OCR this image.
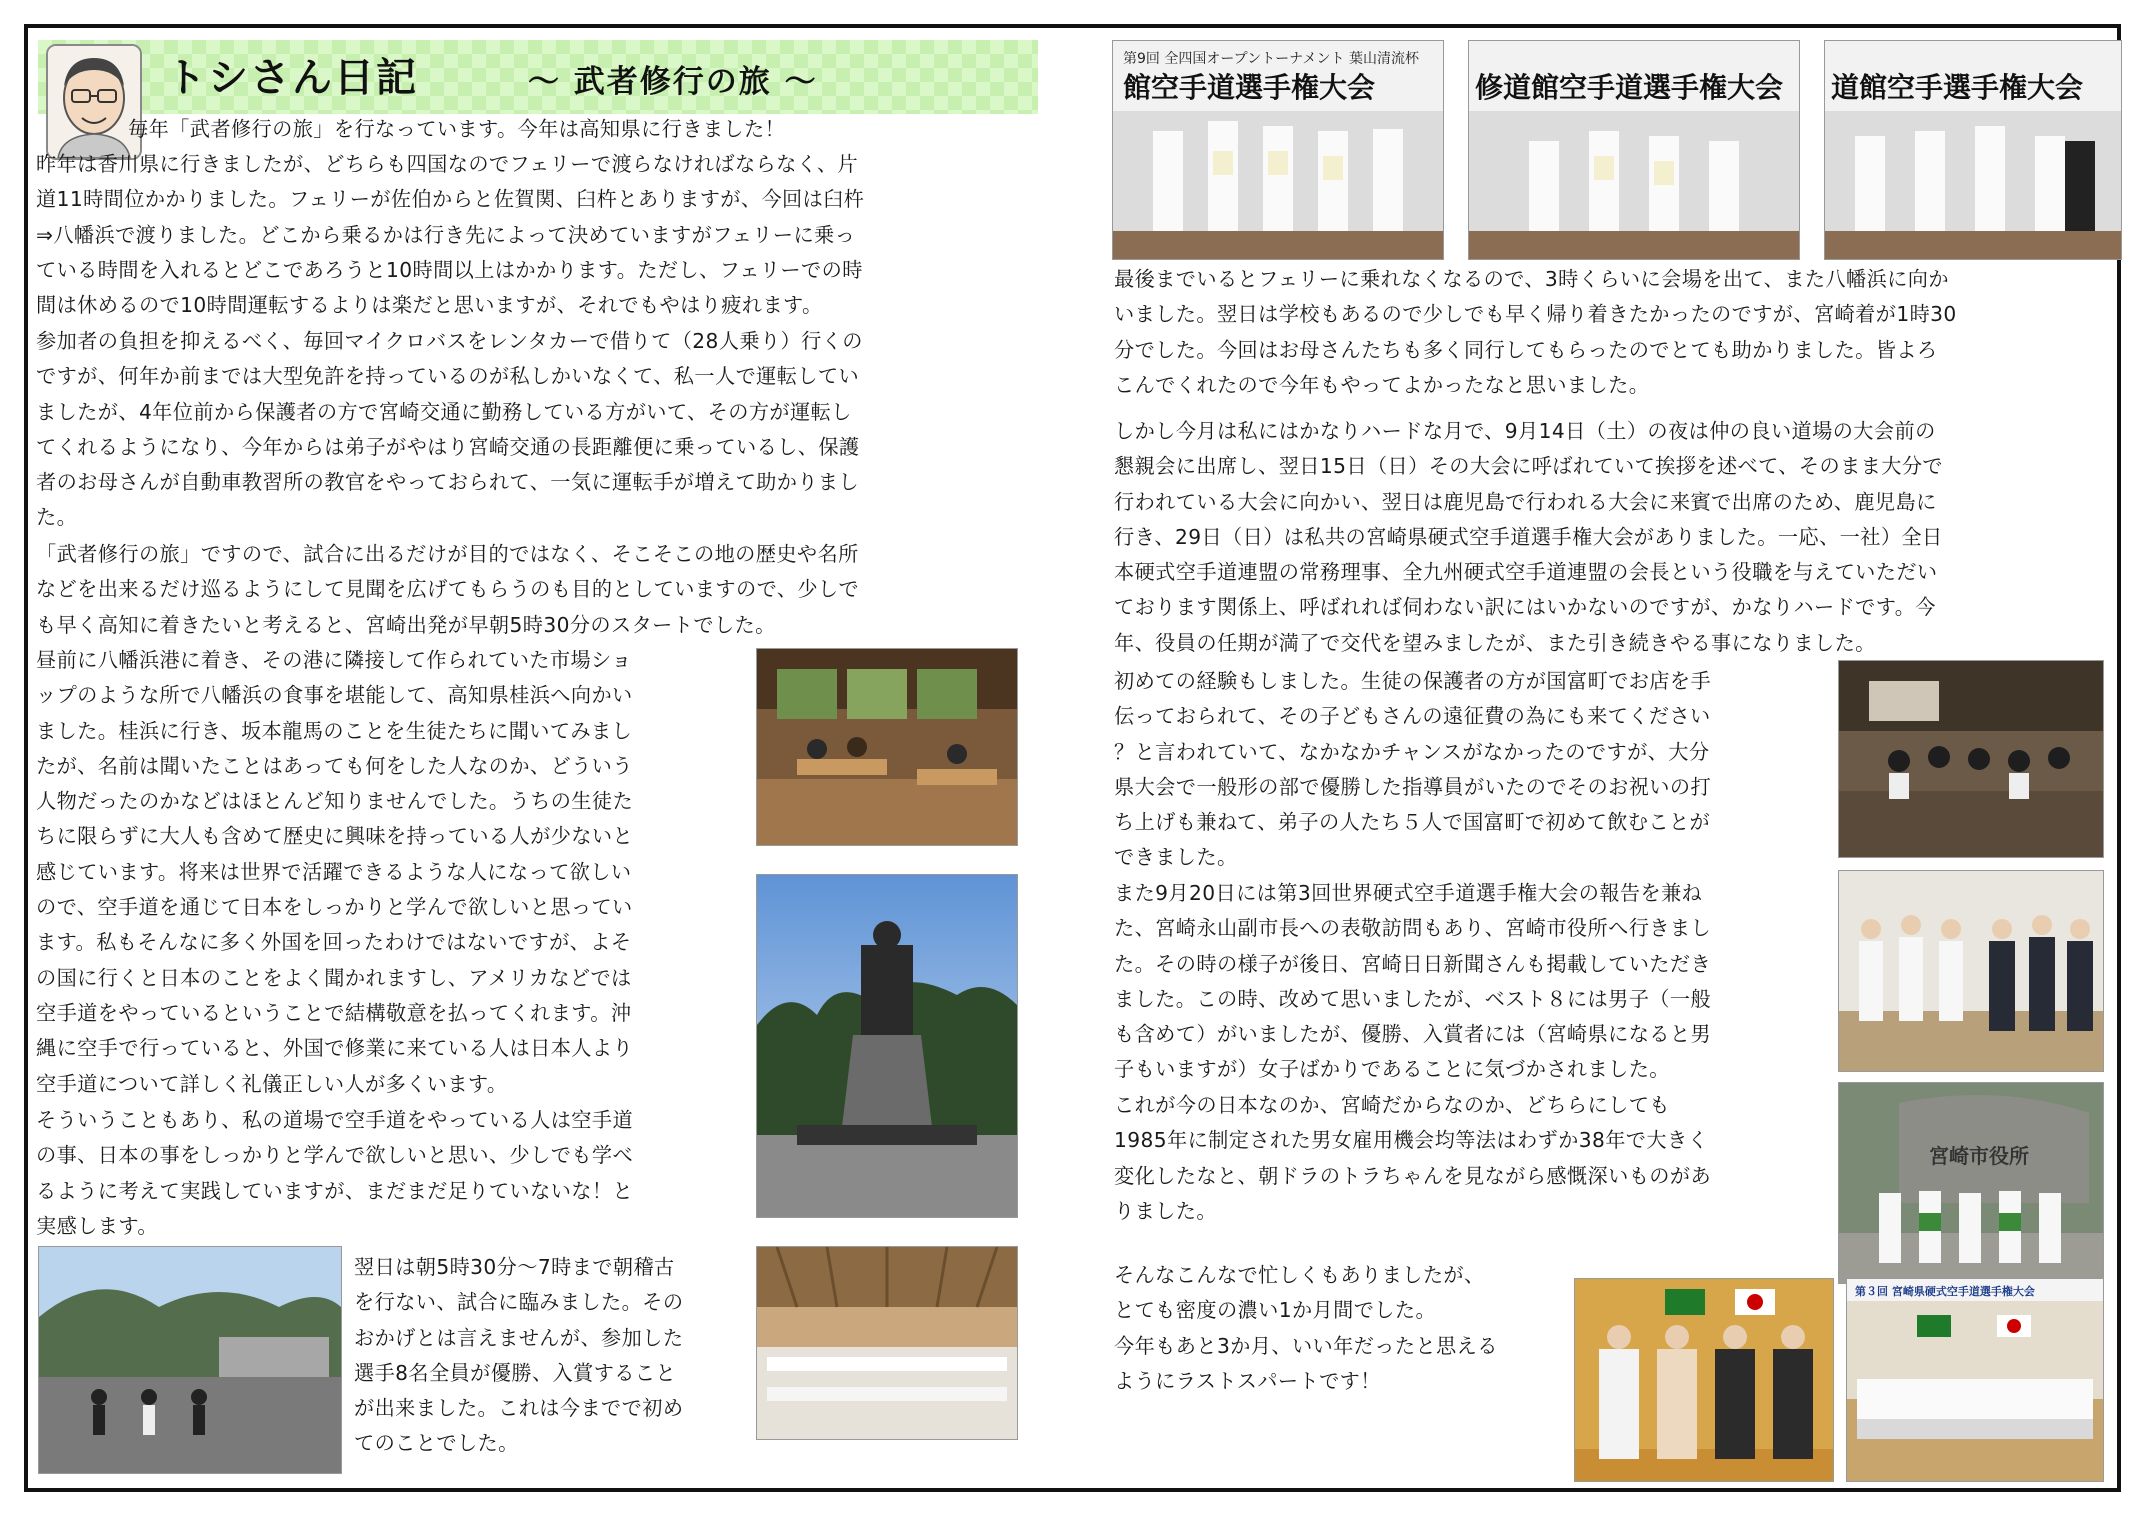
トシさん日記	～ 武者修行の旅 ～

毎年「武者修行の旅」を行なっています。今年は高知県に行きました！

昨年は香川県に行きましたが、どちらも四国なのでフェリーで渡らなければならなく、片
道11時間位かかりました。フェリーが佐伯からと佐賀関、臼杵とありますが、今回は臼杵
⇒八幡浜で渡りました。どこから乗るかは行き先によって決めていますがフェリーに乗っ
ている時間を入れるとどこであろうと10時間以上はかかります。ただし、フェリーでの時
間は休めるので10時間運転するよりは楽だと思いますが、それでもやはり疲れます。

参加者の負担を抑えるべく、毎回マイクロバスをレンタカーで借りて（28人乗り）行くの
ですが、何年か前までは大型免許を持っているのが私しかいなくて、私一人で運転してい
ましたが、4年位前から保護者の方で宮崎交通に勤務している方がいて、その方が運転し
てくれるようになり、今年からは弟子がやはり宮崎交通の長距離便に乗っているし、保護
者のお母さんが自動車教習所の教官をやっておられて、一気に運転手が増えて助かりまし
た。

「武者修行の旅」ですので、試合に出るだけが目的ではなく、そこそこの地の歴史や名所
などを出来るだけ巡るようにして見聞を広げてもらうのも目的としていますので、少しで
も早く高知に着きたいと考えると、宮崎出発が早朝5時30分のスタートでした。

昼前に八幡浜港に着き、その港に隣接して作られていた市場ショ
ップのような所で八幡浜の食事を堪能して、高知県桂浜へ向かい
ました。桂浜に行き、坂本龍馬のことを生徒たちに聞いてみまし
たが、名前は聞いたことはあっても何をした人なのか、どういう
人物だったのかなどはほとんど知りませんでした。うちの生徒た
ちに限らずに大人も含めて歴史に興味を持っている人が少ないと
感じています。将来は世界で活躍できるような人になって欲しい
ので、空手道を通じて日本をしっかりと学んで欲しいと思ってい
ます。私もそんなに多く外国を回ったわけではないですが、よそ
の国に行くと日本のことをよく聞かれますし、アメリカなどでは
空手道をやっているということで結構敬意を払ってくれます。沖
縄に空手で行っていると、外国で修業に来ている人は日本人より
空手道について詳しく礼儀正しい人が多くいます。

そういうこともあり、私の道場で空手道をやっている人は空手道
の事、日本の事をしっかりと学んで欲しいと思い、少しでも学べ
るように考えて実践していますが、まだまだ足りていないな！と
実感します。

翌日は朝5時30分～7時まで朝稽古
を行ない、試合に臨みました。その
おかげとは言えませんが、参加した
選手8名全員が優勝、入賞すること
が出来ました。これは今までで初め
てのことでした。

第9回 全四国オープントーナメント 葉山清流杯
館空手道選手権大会	修道館空手道選手権大会 道館空手選手権大会

最後までいるとフェリーに乗れなくなるので、3時くらいに会場を出て、また八幡浜に向か
いました。翌日は学校もあるので少しでも早く帰り着きたかったのですが、宮崎着が1時30
分でした。今回はお母さんたちも多く同行してもらったのでとても助かりました。皆よろ
こんでくれたので今年もやってよかったなと思いました。

しかし今月は私にはかなりハードな月で、9月14日（土）の夜は仲の良い道場の大会前の
懇親会に出席し、翌日15日（日）その大会に呼ばれていて挨拶を述べて、そのまま大分で
行われている大会に向かい、翌日は鹿児島で行われる大会に来賓で出席のため、鹿児島に
行き、29日（日）は私共の宮崎県硬式空手道選手権大会がありました。一応、一社）全日
本硬式空手道連盟の常務理事、全九州硬式空手道連盟の会長という役職を与えていただい
ております関係上、呼ばれれば伺わない訳にはいかないのですが、かなりハードです。今
年、役員の任期が満了で交代を望みましたが、また引き続きやる事になりました。

初めての経験もしました。生徒の保護者の方が国富町でお店を手
伝っておられて、その子どもさんの遠征費の為にも来てください
？と言われていて、なかなかチャンスがなかったのですが、大分
県大会で一般形の部で優勝した指導員がいたのでそのお祝いの打
ち上げも兼ねて、弟子の人たち５人で国富町で初めて飲むことが
できました。

また9月20日には第3回世界硬式空手道選手権大会の報告を兼ね
た、宮崎永山副市長への表敬訪問もあり、宮崎市役所へ行きまし
た。その時の様子が後日、宮崎日日新聞さんも掲載していただき
ました。この時、改めて思いましたが、ベスト８には男子（一般
も含めて）がいましたが、優勝、入賞者には（宮崎県になると男
子もいますが）女子ばかりであることに気づかされました。

これが今の日本なのか、宮崎だからなのか、どちらにしても
1985年に制定された男女雇用機会均等法はわずか38年で大きく
変化したなと、朝ドラのトラちゃんを見ながら感慨深いものがあ
りました。

そんなこんなで忙しくもありましたが、
とても密度の濃い1か月間でした。
今年もあと3か月、いい年だったと思える
ようにラストスパートです！

宮崎市役所
第３回 宮崎県硬式空手道選手権大会
